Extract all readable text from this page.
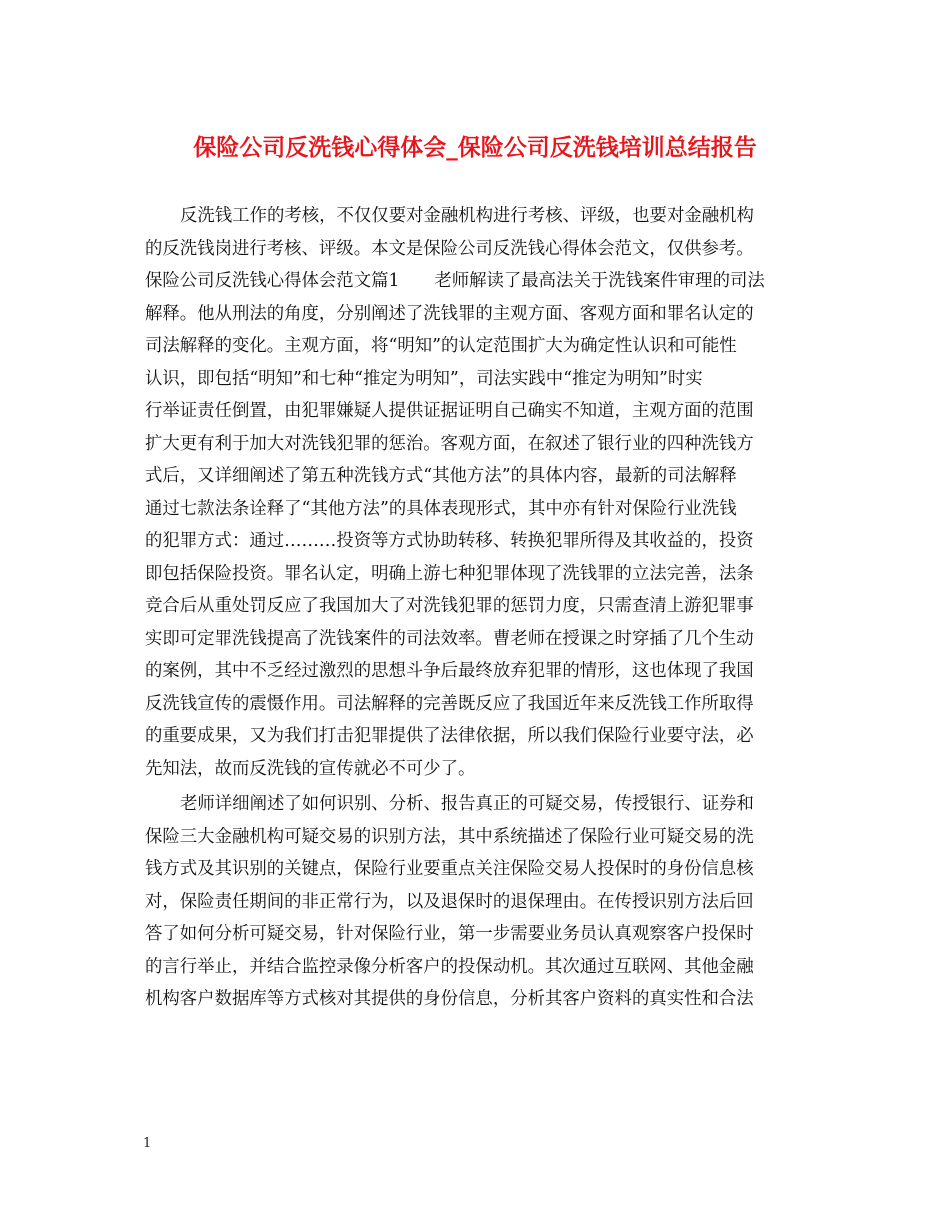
保险公司反洗钱心得体会_保险公司反洗钱培训总结报告
反洗钱工作的考核，不仅仅要对金融机构进行考核、评级，也要对金融机构
的反洗钱岗进行考核、评级。本文是保险公司反洗钱心得体会范文，仅供参考。
保险公司反洗钱心得体会范文篇1　　老师解读了最高法关于洗钱案件审理的司法
解释。他从刑法的角度，分别阐述了洗钱罪的主观方面、客观方面和罪名认定的
司法解释的变化。主观方面，将“明知”的认定范围扩大为确定性认识和可能性
认识，即包括“明知”和七种“推定为明知”，司法实践中“推定为明知”时实
行举证责任倒置，由犯罪嫌疑人提供证据证明自己确实不知道，主观方面的范围
扩大更有利于加大对洗钱犯罪的惩治。客观方面，在叙述了银行业的四种洗钱方
式后，又详细阐述了第五种洗钱方式“其他方法”的具体内容，最新的司法解释
通过七款法条诠释了“其他方法”的具体表现形式，其中亦有针对保险行业洗钱
的犯罪方式：通过………投资等方式协助转移、转换犯罪所得及其收益的，投资
即包括保险投资。罪名认定，明确上游七种犯罪体现了洗钱罪的立法完善，法条
竞合后从重处罚反应了我国加大了对洗钱犯罪的惩罚力度，只需查清上游犯罪事
实即可定罪洗钱提高了洗钱案件的司法效率。曹老师在授课之时穿插了几个生动
的案例，其中不乏经过激烈的思想斗争后最终放弃犯罪的情形，这也体现了我国
反洗钱宣传的震慑作用。司法解释的完善既反应了我国近年来反洗钱工作所取得
的重要成果，又为我们打击犯罪提供了法律依据，所以我们保险行业要守法，必
先知法，故而反洗钱的宣传就必不可少了。
老师详细阐述了如何识别、分析、报告真正的可疑交易，传授银行、证券和
保险三大金融机构可疑交易的识别方法，其中系统描述了保险行业可疑交易的洗
钱方式及其识别的关键点，保险行业要重点关注保险交易人投保时的身份信息核
对，保险责任期间的非正常行为，以及退保时的退保理由。在传授识别方法后回
答了如何分析可疑交易，针对保险行业，第一步需要业务员认真观察客户投保时
的言行举止，并结合监控录像分析客户的投保动机。其次通过互联网、其他金融
机构客户数据库等方式核对其提供的身份信息，分析其客户资料的真实性和合法
1
